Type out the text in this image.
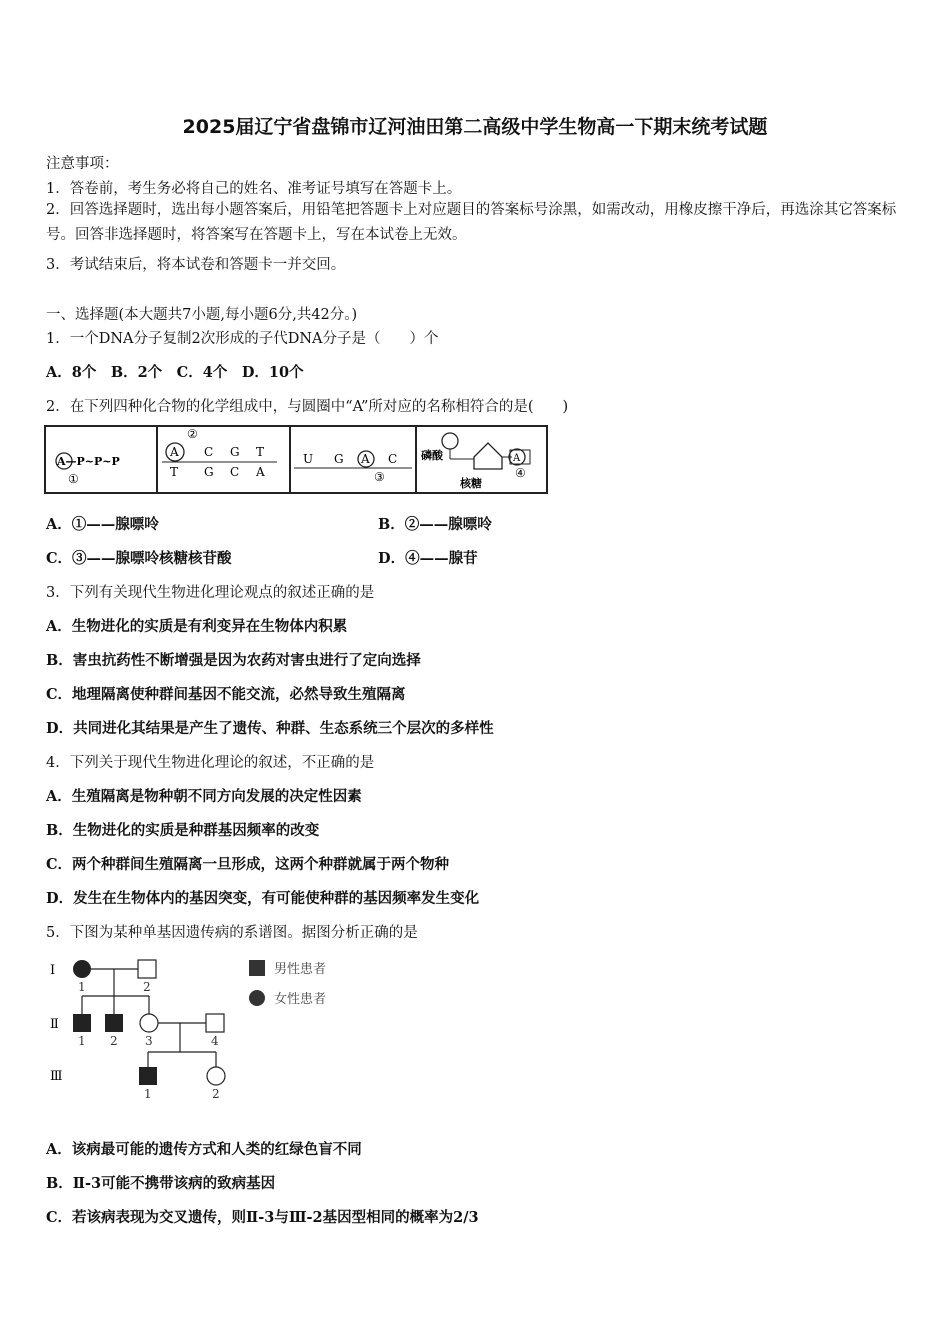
2025届辽宁省盘锦市辽河油田第二高级中学生物高一下期末统考试题
注意事项：
1．答卷前，考生务必将自己的姓名、准考证号填写在答题卡上。
2．回答选择题时，选出每小题答案后，用铅笔把答题卡上对应题目的答案标号涂黑，如需改动，用橡皮擦干净后，再选涂其它答案标号。回答非选择题时，将答案写在答题卡上，写在本试卷上无效。
3．考试结束后，将本试卷和答题卡一并交回。
一、选择题(本大题共7小题,每小题6分,共42分。)
1．一个DNA分子复制2次形成的子代DNA分子是（　　）个
A．8个　B．2个　C．4个　D．10个
2．在下列四种化合物的化学组成中，与圆圈中“A”所对应的名称相符合的是(　　)
A—P~P~P
①
②
A C G T
T G C A
U G A C
③
磷酸	A
④
核糖
A．①——腺嘌呤	B．②——腺嘌呤
C．③——腺嘌呤核糖核苷酸	D．④——腺苷
3．下列有关现代生物进化理论观点的叙述正确的是
A．生物进化的实质是有利变异在生物体内积累
B．害虫抗药性不断增强是因为农药对害虫进行了定向选择
C．地理隔离使种群间基因不能交流，必然导致生殖隔离
D．共同进化其结果是产生了遗传、种群、生态系统三个层次的多样性
4．下列关于现代生物进化理论的叙述，不正确的是
A．生殖隔离是物种朝不同方向发展的决定性因素
B．生物进化的实质是种群基因频率的改变
C．两个种群间生殖隔离一旦形成，这两个种群就属于两个物种
D．发生在生物体内的基因突变，有可能使种群的基因频率发生变化
5．下图为某种单基因遗传病的系谱图。据图分析正确的是
Ⅰ
Ⅱ
Ⅲ
1	2
1 2 3	4
1	2
男性患者
女性患者
A．该病最可能的遗传方式和人类的红绿色盲不同
B．Ⅱ-3可能不携带该病的致病基因
C．若该病表现为交叉遗传，则Ⅱ-3与Ⅲ-2基因型相同的概率为2/3
